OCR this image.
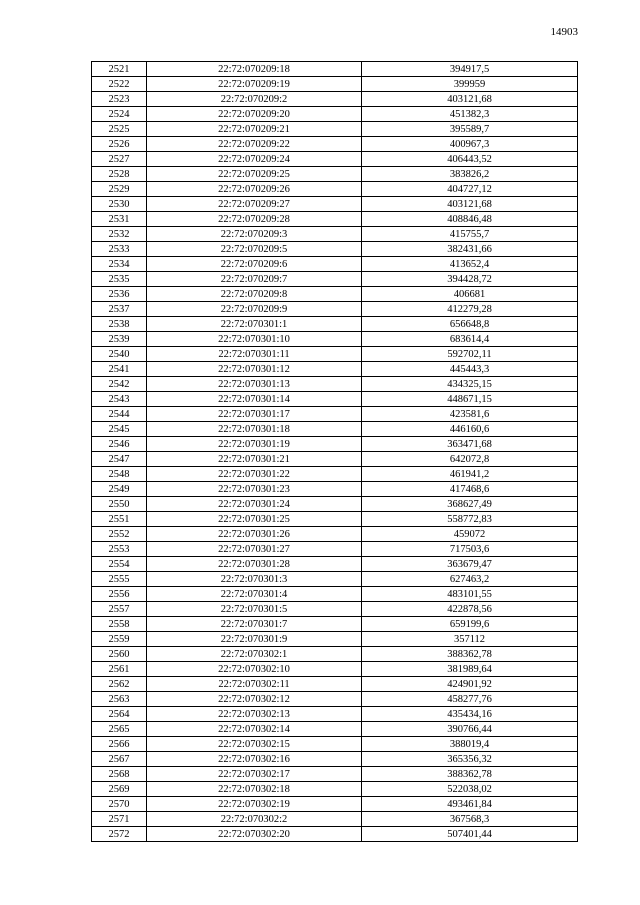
14903
2521	22:72:070209:18	394917,5
2522	22:72:070209:19	399959
2523	22:72:070209:2	403121,68
2524	22:72:070209:20	451382,3
2525	22:72:070209:21	395589,7
2526	22:72:070209:22	400967,3
2527	22:72:070209:24	406443,52
2528	22:72:070209:25	383826,2
2529	22:72:070209:26	404727,12
2530	22:72:070209:27	403121,68
2531	22:72:070209:28	408846,48
2532	22:72:070209:3	415755,7
2533	22:72:070209:5	382431,66
2534	22:72:070209:6	413652,4
2535	22:72:070209:7	394428,72
2536	22:72:070209:8	406681
2537	22:72:070209:9	412279,28
2538	22:72:070301:1	656648,8
2539	22:72:070301:10	683614,4
2540	22:72:070301:11	592702,11
2541	22:72:070301:12	445443,3
2542	22:72:070301:13	434325,15
2543	22:72:070301:14	448671,15
2544	22:72:070301:17	423581,6
2545	22:72:070301:18	446160,6
2546	22:72:070301:19	363471,68
2547	22:72:070301:21	642072,8
2548	22:72:070301:22	461941,2
2549	22:72:070301:23	417468,6
2550	22:72:070301:24	368627,49
2551	22:72:070301:25	558772,83
2552	22:72:070301:26	459072
2553	22:72:070301:27	717503,6
2554	22:72:070301:28	363679,47
2555	22:72:070301:3	627463,2
2556	22:72:070301:4	483101,55
2557	22:72:070301:5	422878,56
2558	22:72:070301:7	659199,6
2559	22:72:070301:9	357112
2560	22:72:070302:1	388362,78
2561	22:72:070302:10	381989,64
2562	22:72:070302:11	424901,92
2563	22:72:070302:12	458277,76
2564	22:72:070302:13	435434,16
2565	22:72:070302:14	390766,44
2566	22:72:070302:15	388019,4
2567	22:72:070302:16	365356,32
2568	22:72:070302:17	388362,78
2569	22:72:070302:18	522038,02
2570	22:72:070302:19	493461,84
2571	22:72:070302:2	367568,3
2572	22:72:070302:20	507401,44
